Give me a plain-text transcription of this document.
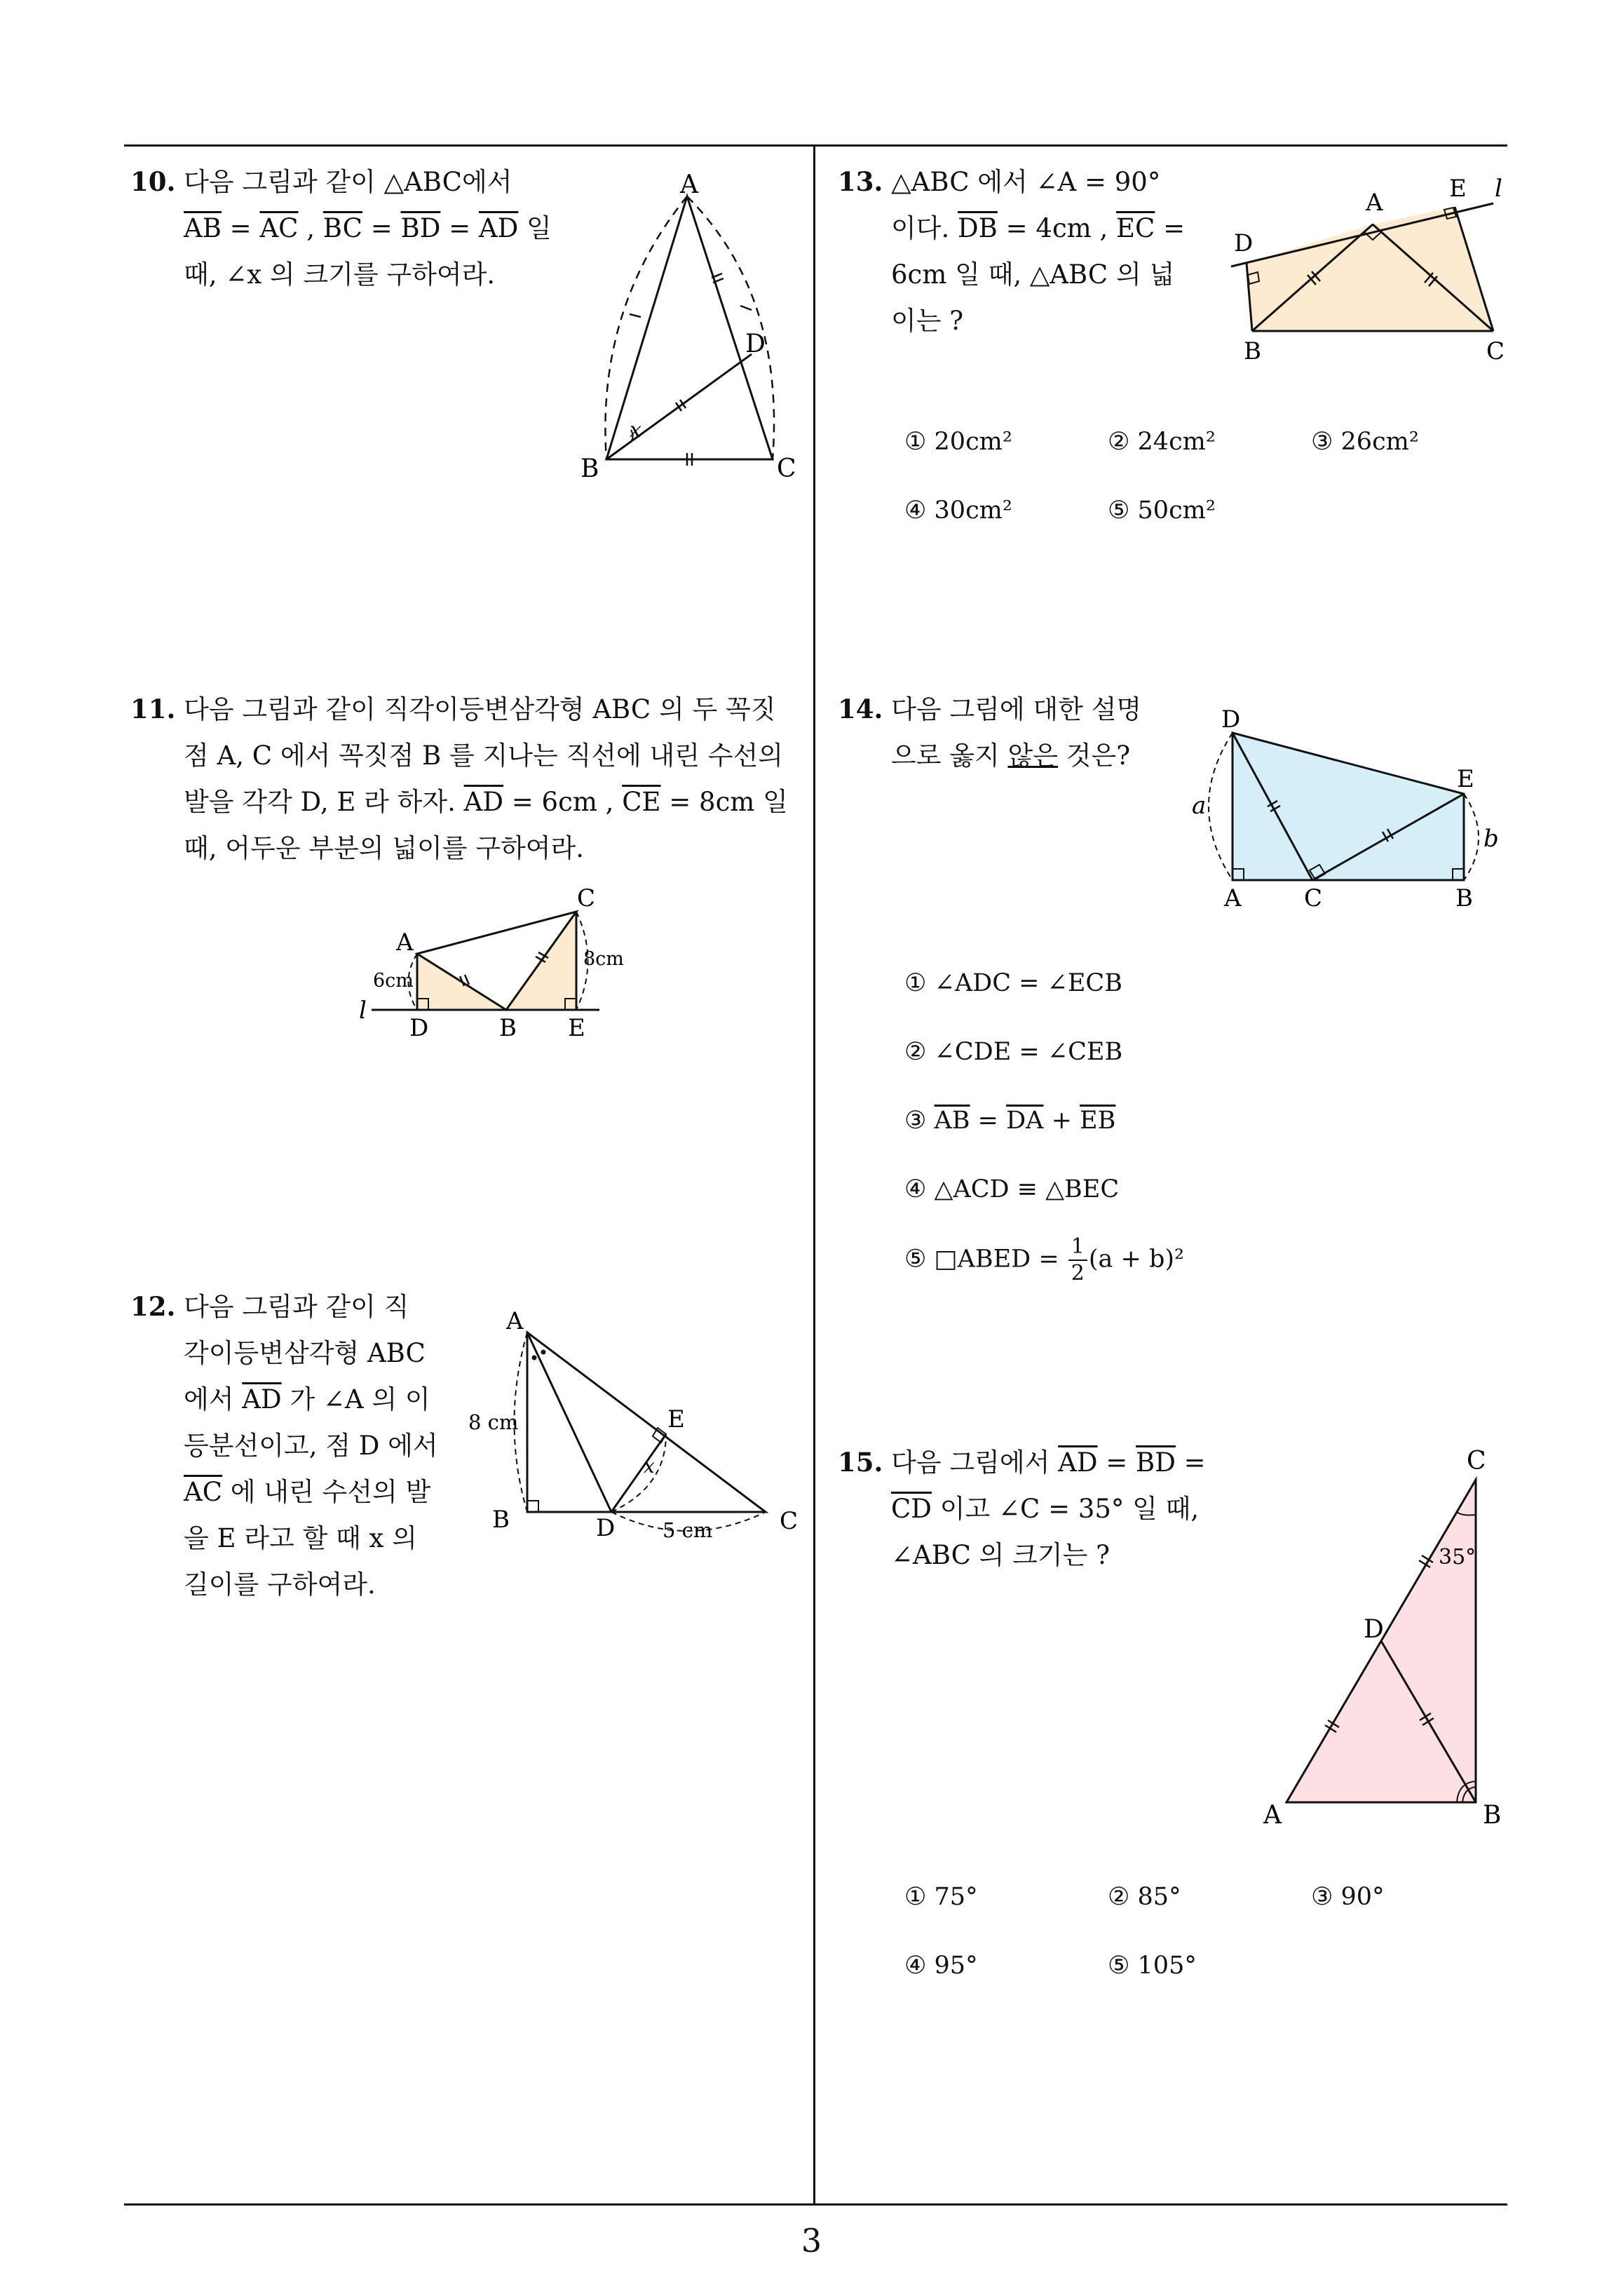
10. 다음 그림과 같이 △ABC에서
$\overline{AB} = \overline{AC}$ , $\overline{BC} = \overline{BD} = \overline{AD}$ 일
때, ∠x 의 크기를 구하여라.
A
B	C
D
x
11. 다음 그림과 같이 직각이등변삼각형 ABC 의 두 꼭짓
점 A, C 에서 꼭짓점 B 를 지나는 직선에 내린 수선의
발을 각각 D, E 라 하자. $\overline{AD} = 6cm$ , $\overline{CE} = 8cm$ 일
때, 어두운 부분의 넓이를 구하여라.
A
B
C
D	E
l
6cm
8cm
12. 다음 그림과 같이 직
각이등변삼각형 ABC
에서 $\overline{AD}$ 가 ∠A 의 이
등분선이고, 점 D 에서
$\overline{AC}$ 에 내린 수선의 발
을 E 라고 할 때 x 의
길이를 구하여라.
A
B	C
D
E
x
8 cm
5 cm
13. △ABC 에서 ∠A = 90°
이다. $\overline{DB} = 4cm$ , $\overline{EC}$ =
6cm 일 때, △ABC 의 넓
이는 ?
A
B	C
D
E l
① 20cm²	② 24cm²	③ 26cm²
④ 30cm²	⑤ 50cm²
14. 다음 그림에 대한 설명
으로 옳지 않은 것은?
D
A	C	B
E
a
b
① ∠ADC = ∠ECB
② ∠CDE = ∠CEB
③ $\overline{AB} = \overline{DA} + \overline{EB}$
④ △ACD ≡ △BEC
⑤ □ABED = $\frac{1}{2} (a + b)^2$
15. 다음 그림에서 $\overline{AD} = \overline{BD}$ =
$\overline{CD}$ 이고 ∠C = 35° 일 때,
∠ABC 의 크기는 ?
C
D
A	B
35°
① 75°	② 85°	③ 90°
④ 95°	⑤ 105°
3
